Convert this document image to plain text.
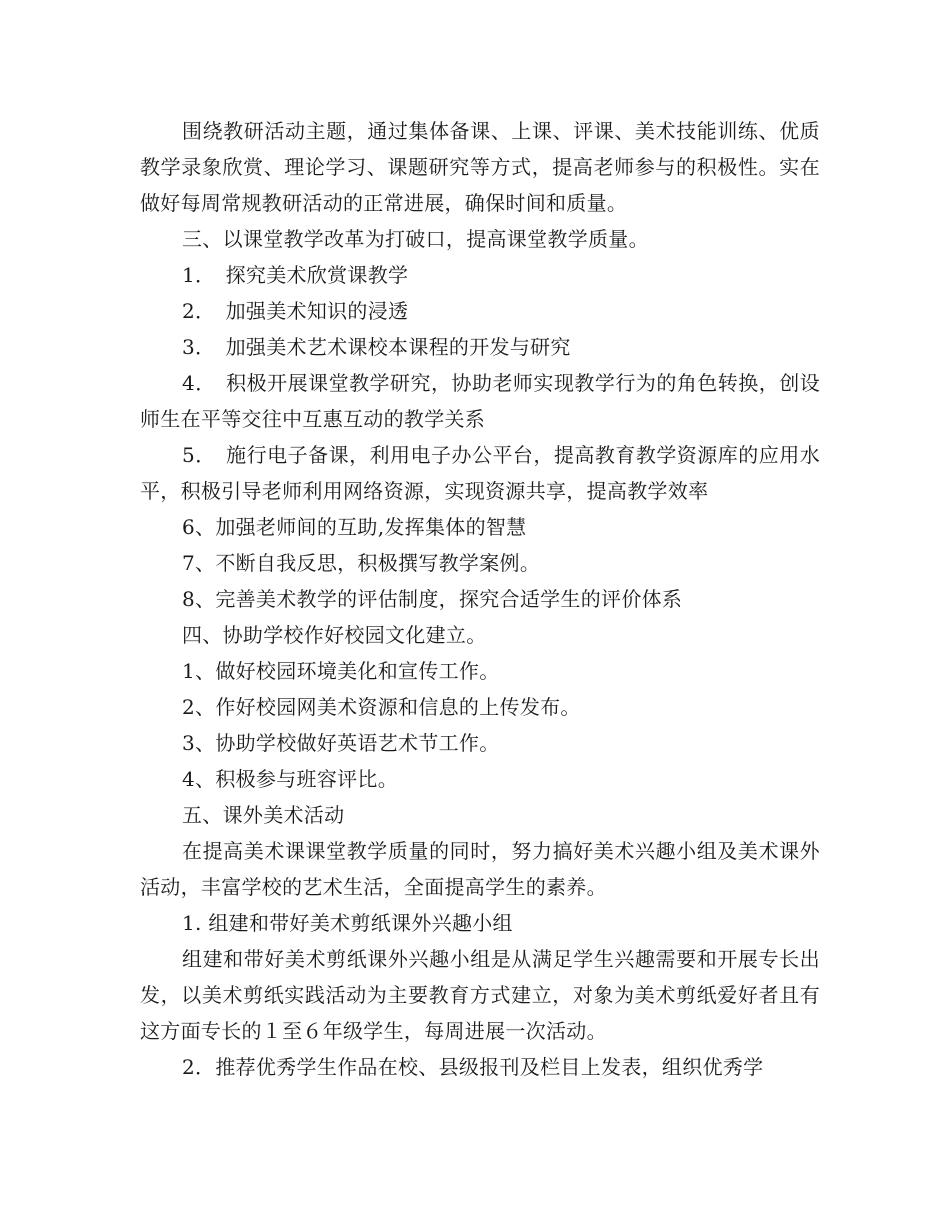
围绕教研活动主题，通过集体备课、上课、评课、美术技能训练、优质教学录象欣赏、理论学习、课题研究等方式，提高老师参与的积极性。实在做好每周常规教研活动的正常进展，确保时间和质量。

三、以课堂教学改革为打破口，提高课堂教学质量。

1．　探究美术欣赏课教学

2．　加强美术知识的浸透

3．　加强美术艺术课校本课程的开发与研究

4．　积极开展课堂教学研究，协助老师实现教学行为的角色转换，创设师生在平等交往中互惠互动的教学关系

5．　施行电子备课，利用电子办公平台，提高教育教学资源库的应用水平，积极引导老师利用网络资源，实现资源共享，提高教学效率

6、加强老师间的互助,发挥集体的智慧

7、不断自我反思，积极撰写教学案例。

8、完善美术教学的评估制度，探究合适学生的评价体系

四、协助学校作好校园文化建立。

1、做好校园环境美化和宣传工作。

2、作好校园网美术资源和信息的上传发布。

3、协助学校做好英语艺术节工作。

4、积极参与班容评比。

五、课外美术活动

在提高美术课课堂教学质量的同时，努力搞好美术兴趣小组及美术课外活动，丰富学校的艺术生活，全面提高学生的素养。

1. 组建和带好美术剪纸课外兴趣小组

组建和带好美术剪纸课外兴趣小组是从满足学生兴趣需要和开展专长出发，以美术剪纸实践活动为主要教育方式建立，对象为美术剪纸爱好者且有这方面专长的１至６年级学生，每周进展一次活动。

2．推荐优秀学生作品在校、县级报刊及栏目上发表，组织优秀学
